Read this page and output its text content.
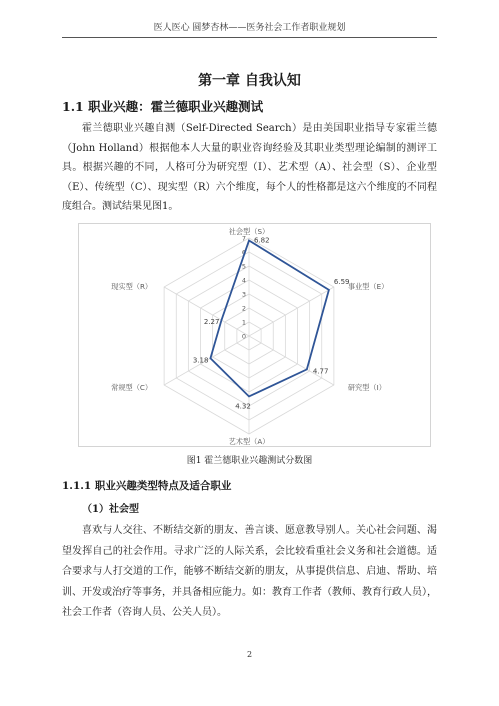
医人医心 圆梦杏林——医务社会工作者职业规划
第一章 自我认知
1.1 职业兴趣：霍兰德职业兴趣测试

霍兰德职业兴趣自测（Self-Directed Search）是由美国职业指导专家霍兰德（John Holland）根据他本人大量的职业咨询经验及其职业类型理论编制的测评工具。根据兴趣的不同，人格可分为研究型（I）、艺术型（A）、社会型（S）、企业型（E）、传统型（C）、现实型（R）六个维度，每个人的性格都是这六个维度的不同程度组合。测试结果见图1。

0
1
2
3
4
5
6
7 6.82
6.59
4.77
4.32
3.18
2.27
社会型（S）
事业型（E）
研究型（I）
艺术型（A）
常规型（C）
现实型（R）
图1 霍兰德职业兴趣测试分数图
1.1.1 职业兴趣类型特点及适合职业
（1）社会型

喜欢与人交往、不断结交新的朋友、善言谈、愿意教导别人。关心社会问题、渴望发挥自己的社会作用。寻求广泛的人际关系，会比较看重社会义务和社会道德。适合要求与人打交道的工作，能够不断结交新的朋友，从事提供信息、启迪、帮助、培训、开发或治疗等事务，并具备相应能力。如：教育工作者（教师、教育行政人员），社会工作者（咨询人员、公关人员）。

2
